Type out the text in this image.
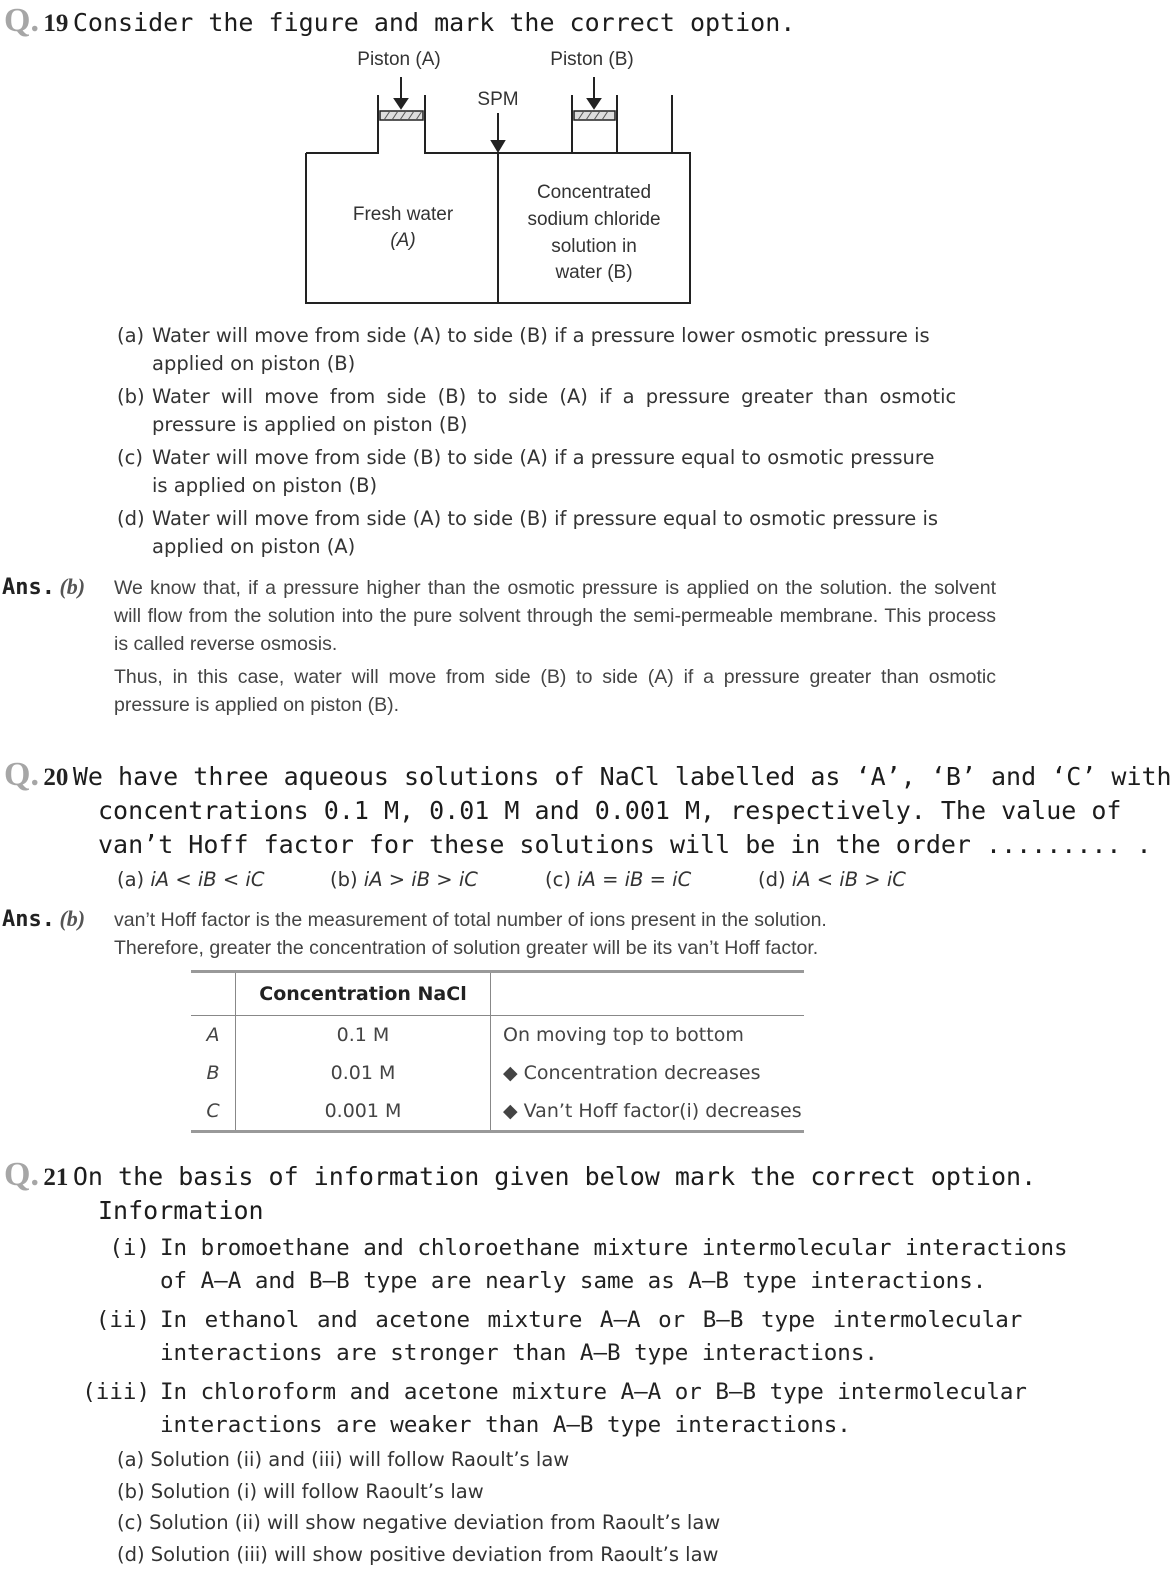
Q. 19 Consider the figure and mark the correct option.
Piston (A)	Piston (B)
SPM
Fresh water
(A)
Concentrated
sodium chloride
solution in
water (B)
(a) Water will move from side (A) to side (B) if a pressure lower osmotic pressure is
applied on piston (B)
(b) Water will move from side (B) to side (A) if a pressure greater than osmotic
pressure is applied on piston (B)
(c) Water will move from side (B) to side (A) if a pressure equal to osmotic pressure
is applied on piston (B)
(d) Water will move from side (A) to side (B) if pressure equal to osmotic pressure is
applied on piston (A)
Ans. (b) We know that, if a pressure higher than the osmotic pressure is applied on the solution. the solvent will flow from the solution into the pure solvent through the semi-permeable membrane. This process is called reverse osmosis.
Thus, in this case, water will move from side (B) to side (A) if a pressure greater than osmotic pressure is applied on piston (B).
Q. 20 We have three aqueous solutions of NaCl labelled as ‘A’, ‘B’ and ‘C’ with
concentrations 0.1 M, 0.01 M and 0.001 M, respectively. The value of
van’t Hoff factor for these solutions will be in the order ......... .
(a) iA < iB < iC	(b) iA > iB > iC	(c) iA = iB = iC	(d) iA < iB > iC
Ans. (b) van’t Hoff factor is the measurement of total number of ions present in the solution.
Therefore, greater the concentration of solution greater will be its van’t Hoff factor.
	Concentration NaCl	
A	0.1 M	On moving top to bottom
B	0.01 M	◆ Concentration decreases
C	0.001 M	◆ Van’t Hoff factor(i) decreases
Q. 21 On the basis of information given below mark the correct option.
Information
(i) In bromoethane and chloroethane mixture intermolecular interactions
of A—A and B—B type are nearly same as A—B type interactions.
(ii) In ethanol and acetone mixture A—A or B—B type intermolecular
interactions are stronger than A—B type interactions.
(iii) In chloroform and acetone mixture A—A or B—B type intermolecular
interactions are weaker than A—B type interactions.
(a) Solution (ii) and (iii) will follow Raoult’s law
(b) Solution (i) will follow Raoult’s law
(c) Solution (ii) will show negative deviation from Raoult’s law
(d) Solution (iii) will show positive deviation from Raoult’s law
